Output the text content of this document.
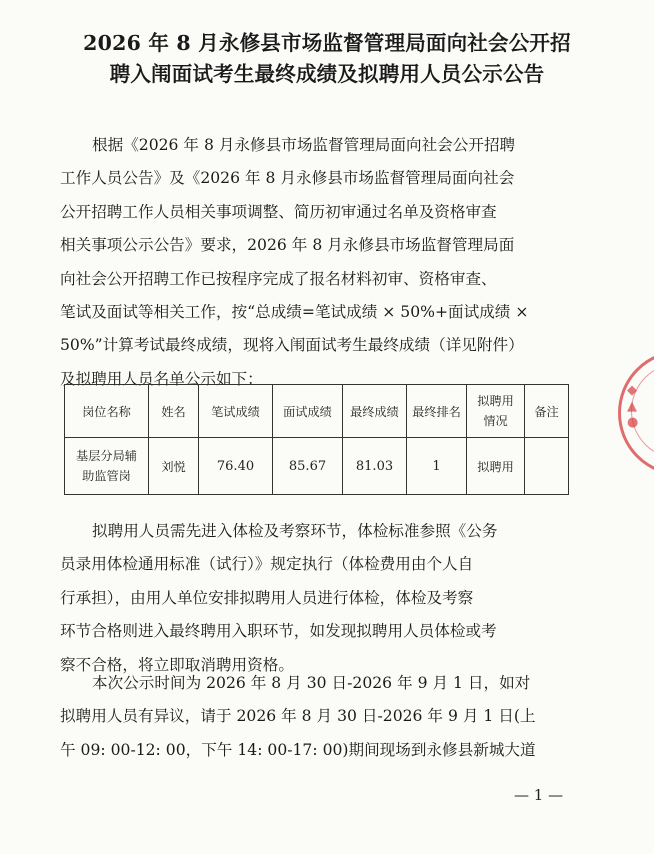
2026 年 8 月永修县市场监督管理局面向社会公开招
聘入闱面试考生最终成绩及拟聘用人员公示公告
根据《2026 年 8 月永修县市场监督管理局面向社会公开招聘
工作人员公告》及《2026 年 8 月永修县市场监督管理局面向社会
公开招聘工作人员相关事项调整、简历初审通过名单及资格审查
相关事项公示公告》要求，2026 年 8 月永修县市场监督管理局面
向社会公开招聘工作已按程序完成了报名材料初审、资格审查、
笔试及面试等相关工作，按“总成绩=笔试成绩 × 50%+面试成绩 ×
50%”计算考试最终成绩，现将入闱面试考生最终成绩（详见附件）
及拟聘用人员名单公示如下：
岗位名称	姓名	笔试成绩	面试成绩	最终成绩	最终排名	拟聘用
情况	备注

基层分局辅
助监管岗	刘悦	76.40	85.67	81.03	1	拟聘用	
拟聘用人员需先进入体检及考察环节，体检标准参照《公务
员录用体检通用标准（试行）》规定执行（体检费用由个人自
行承担），由用人单位安排拟聘用人员进行体检，体检及考察
环节合格则进入最终聘用入职环节，如发现拟聘用人员体检或考
察不合格，将立即取消聘用资格。
本次公示时间为 2026 年 8 月 30 日-2026 年 9 月 1 日，如对
拟聘用人员有异议，请于 2026 年 8 月 30 日-2026 年 9 月 1 日(上
午 09: 00-12: 00，下午 14: 00-17: 00)期间现场到永修县新城大道
◆
▲
●
— 1 —
